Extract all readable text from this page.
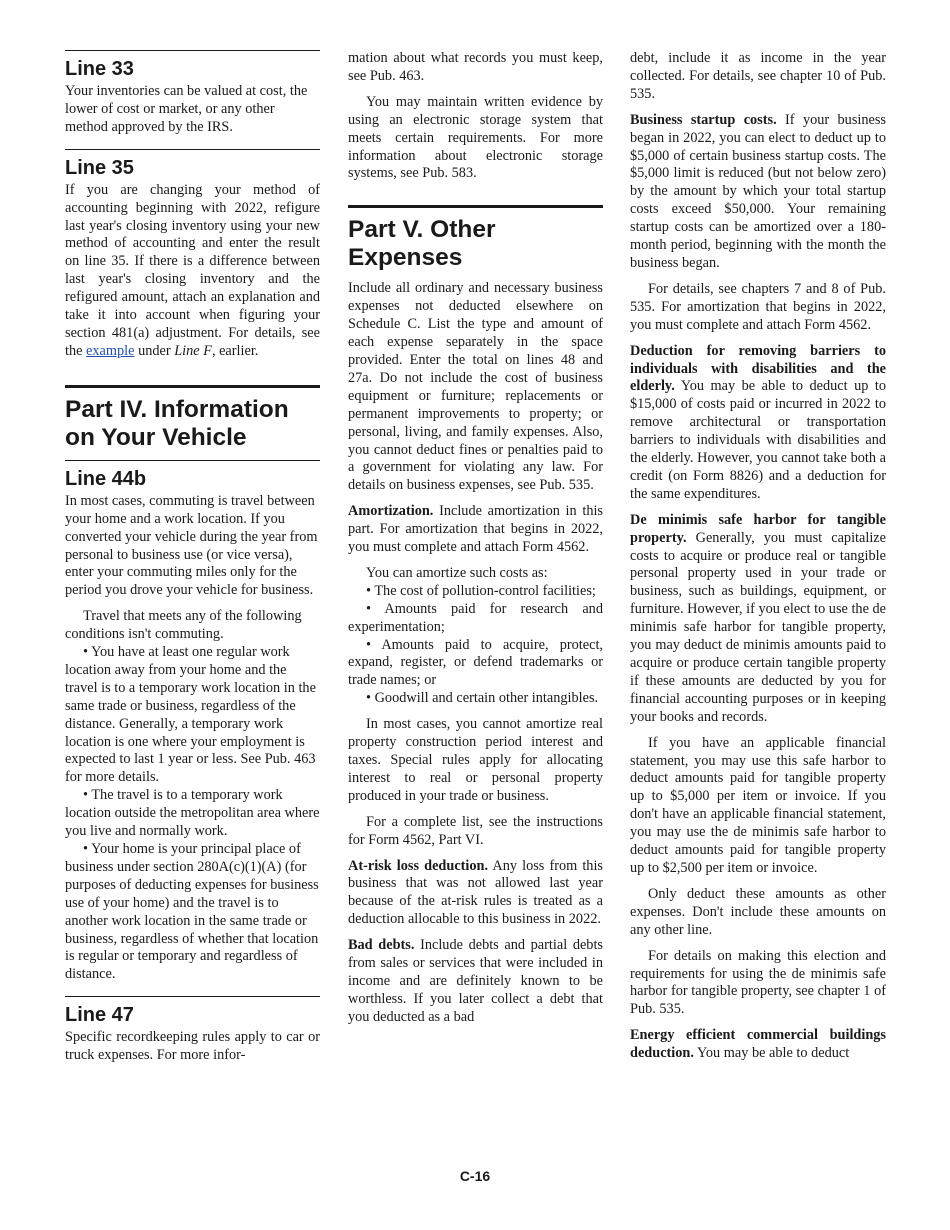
Line 33

Your inventories can be valued at cost, the lower of cost or market, or any other method approved by the IRS.

Line 35

If you are changing your method of accounting beginning with 2022, refigure last year's closing inventory using your new method of accounting and enter the result on line 35. If there is a difference between last year's closing inventory and the refigured amount, attach an explanation and take it into account when figuring your section 481(a) adjustment. For details, see the example under Line F, earlier.

Part IV. Information on Your Vehicle
Line 44b

In most cases, commuting is travel between your home and a work location. If you converted your vehicle during the year from personal to business use (or vice versa), enter your commuting miles only for the period you drove your vehicle for business.

Travel that meets any of the following conditions isn't commuting.

• You have at least one regular work location away from your home and the travel is to a temporary work location in the same trade or business, regardless of the distance. Generally, a temporary work location is one where your employment is expected to last 1 year or less. See Pub. 463 for more details.

• The travel is to a temporary work location outside the metropolitan area where you live and normally work.

• Your home is your principal place of business under section 280A(c)(1)(A) (for purposes of deducting expenses for business use of your home) and the travel is to another work location in the same trade or business, regardless of whether that location is regular or temporary and regardless of distance.

Line 47

Specific recordkeeping rules apply to car or truck expenses. For more infor-

mation about what records you must keep, see Pub. 463.

You may maintain written evidence by using an electronic storage system that meets certain requirements. For more information about electronic storage systems, see Pub. 583.

Part V. Other Expenses

Include all ordinary and necessary business expenses not deducted elsewhere on Schedule C. List the type and amount of each expense separately in the space provided. Enter the total on lines 48 and 27a. Do not include the cost of business equipment or furniture; replacements or permanent improvements to property; or personal, living, and family expenses. Also, you cannot deduct fines or penalties paid to a government for violating any law. For details on business expenses, see Pub. 535.

Amortization. Include amortization in this part. For amortization that begins in 2022, you must complete and attach Form 4562.

You can amortize such costs as:

• The cost of pollution-control facilities;

• Amounts paid for research and experimentation;

• Amounts paid to acquire, protect, expand, register, or defend trademarks or trade names; or

• Goodwill and certain other intangibles.

In most cases, you cannot amortize real property construction period interest and taxes. Special rules apply for allocating interest to real or personal property produced in your trade or business.

For a complete list, see the instructions for Form 4562, Part VI.

At-risk loss deduction. Any loss from this business that was not allowed last year because of the at-risk rules is treated as a deduction allocable to this business in 2022.

Bad debts. Include debts and partial debts from sales or services that were included in income and are definitely known to be worthless. If you later collect a debt that you deducted as a bad

debt, include it as income in the year collected. For details, see chapter 10 of Pub. 535.

Business startup costs. If your business began in 2022, you can elect to deduct up to $5,000 of certain business startup costs. The $5,000 limit is reduced (but not below zero) by the amount by which your total startup costs exceed $50,000. Your remaining startup costs can be amortized over a 180-month period, beginning with the month the business began.

For details, see chapters 7 and 8 of Pub. 535. For amortization that begins in 2022, you must complete and attach Form 4562.

Deduction for removing barriers to individuals with disabilities and the elderly. You may be able to deduct up to $15,000 of costs paid or incurred in 2022 to remove architectural or transportation barriers to individuals with disabilities and the elderly. However, you cannot take both a credit (on Form 8826) and a deduction for the same expenditures.

De minimis safe harbor for tangible property. Generally, you must capitalize costs to acquire or produce real or tangible personal property used in your trade or business, such as buildings, equipment, or furniture. However, if you elect to use the de minimis safe harbor for tangible property, you may deduct de minimis amounts paid to acquire or produce certain tangible property if these amounts are deducted by you for financial accounting purposes or in keeping your books and records.

If you have an applicable financial statement, you may use this safe harbor to deduct amounts paid for tangible property up to $5,000 per item or invoice. If you don't have an applicable financial statement, you may use the de minimis safe harbor to deduct amounts paid for tangible property up to $2,500 per item or invoice.

Only deduct these amounts as other expenses. Don't include these amounts on any other line.

For details on making this election and requirements for using the de minimis safe harbor for tangible property, see chapter 1 of Pub. 535.

Energy efficient commercial buildings deduction. You may be able to deduct

C-16
